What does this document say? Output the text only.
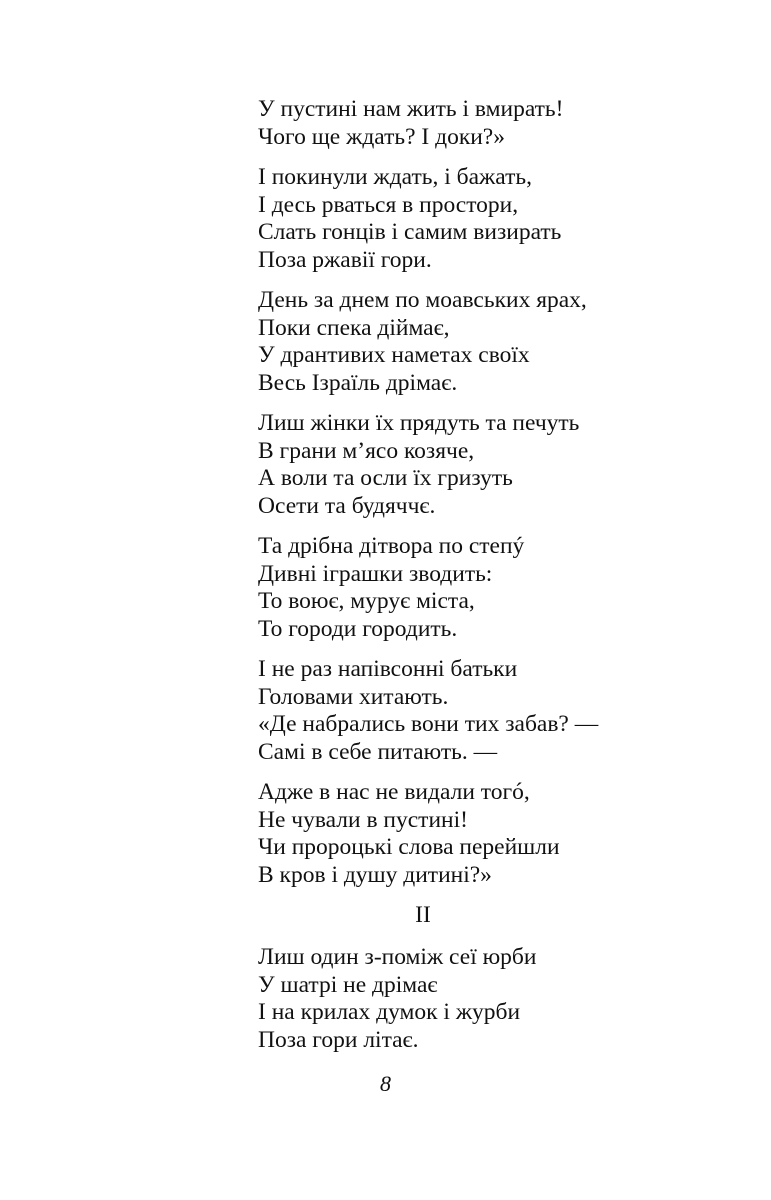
У пустині нам жить і вмирать!
Чого ще ждать? І доки?»
І покинули ждать, і бажать,
І десь рваться в простори,
Слать гонців і самим визирать
Поза ржавії гори.
День за днем по моавських ярах,
Поки спека діймає,
У дрантивих наметах своїх
Весь Ізраїль дрімає.
Лиш жінки їх прядуть та печуть
В грани м’ясо козяче,
А воли та осли їх гризуть
Осети та будяччє.
Та дрібна дітвора по степý
Дивні іграшки зводить:
То воює, мурує міста,
То городи городить.
І не раз напівсонні батьки
Головами хитають.
«Де набрались вони тих забав? —
Самі в себе питають. —
Адже в нас не видали тогó,
Не чували в пустині!
Чи пророцькі слова перейшли
В кров і душу дитині?»
II
Лиш один з-поміж сеї юрби
У шатрі не дрімає
І на крилах думок і журби
Поза гори літає.
8
